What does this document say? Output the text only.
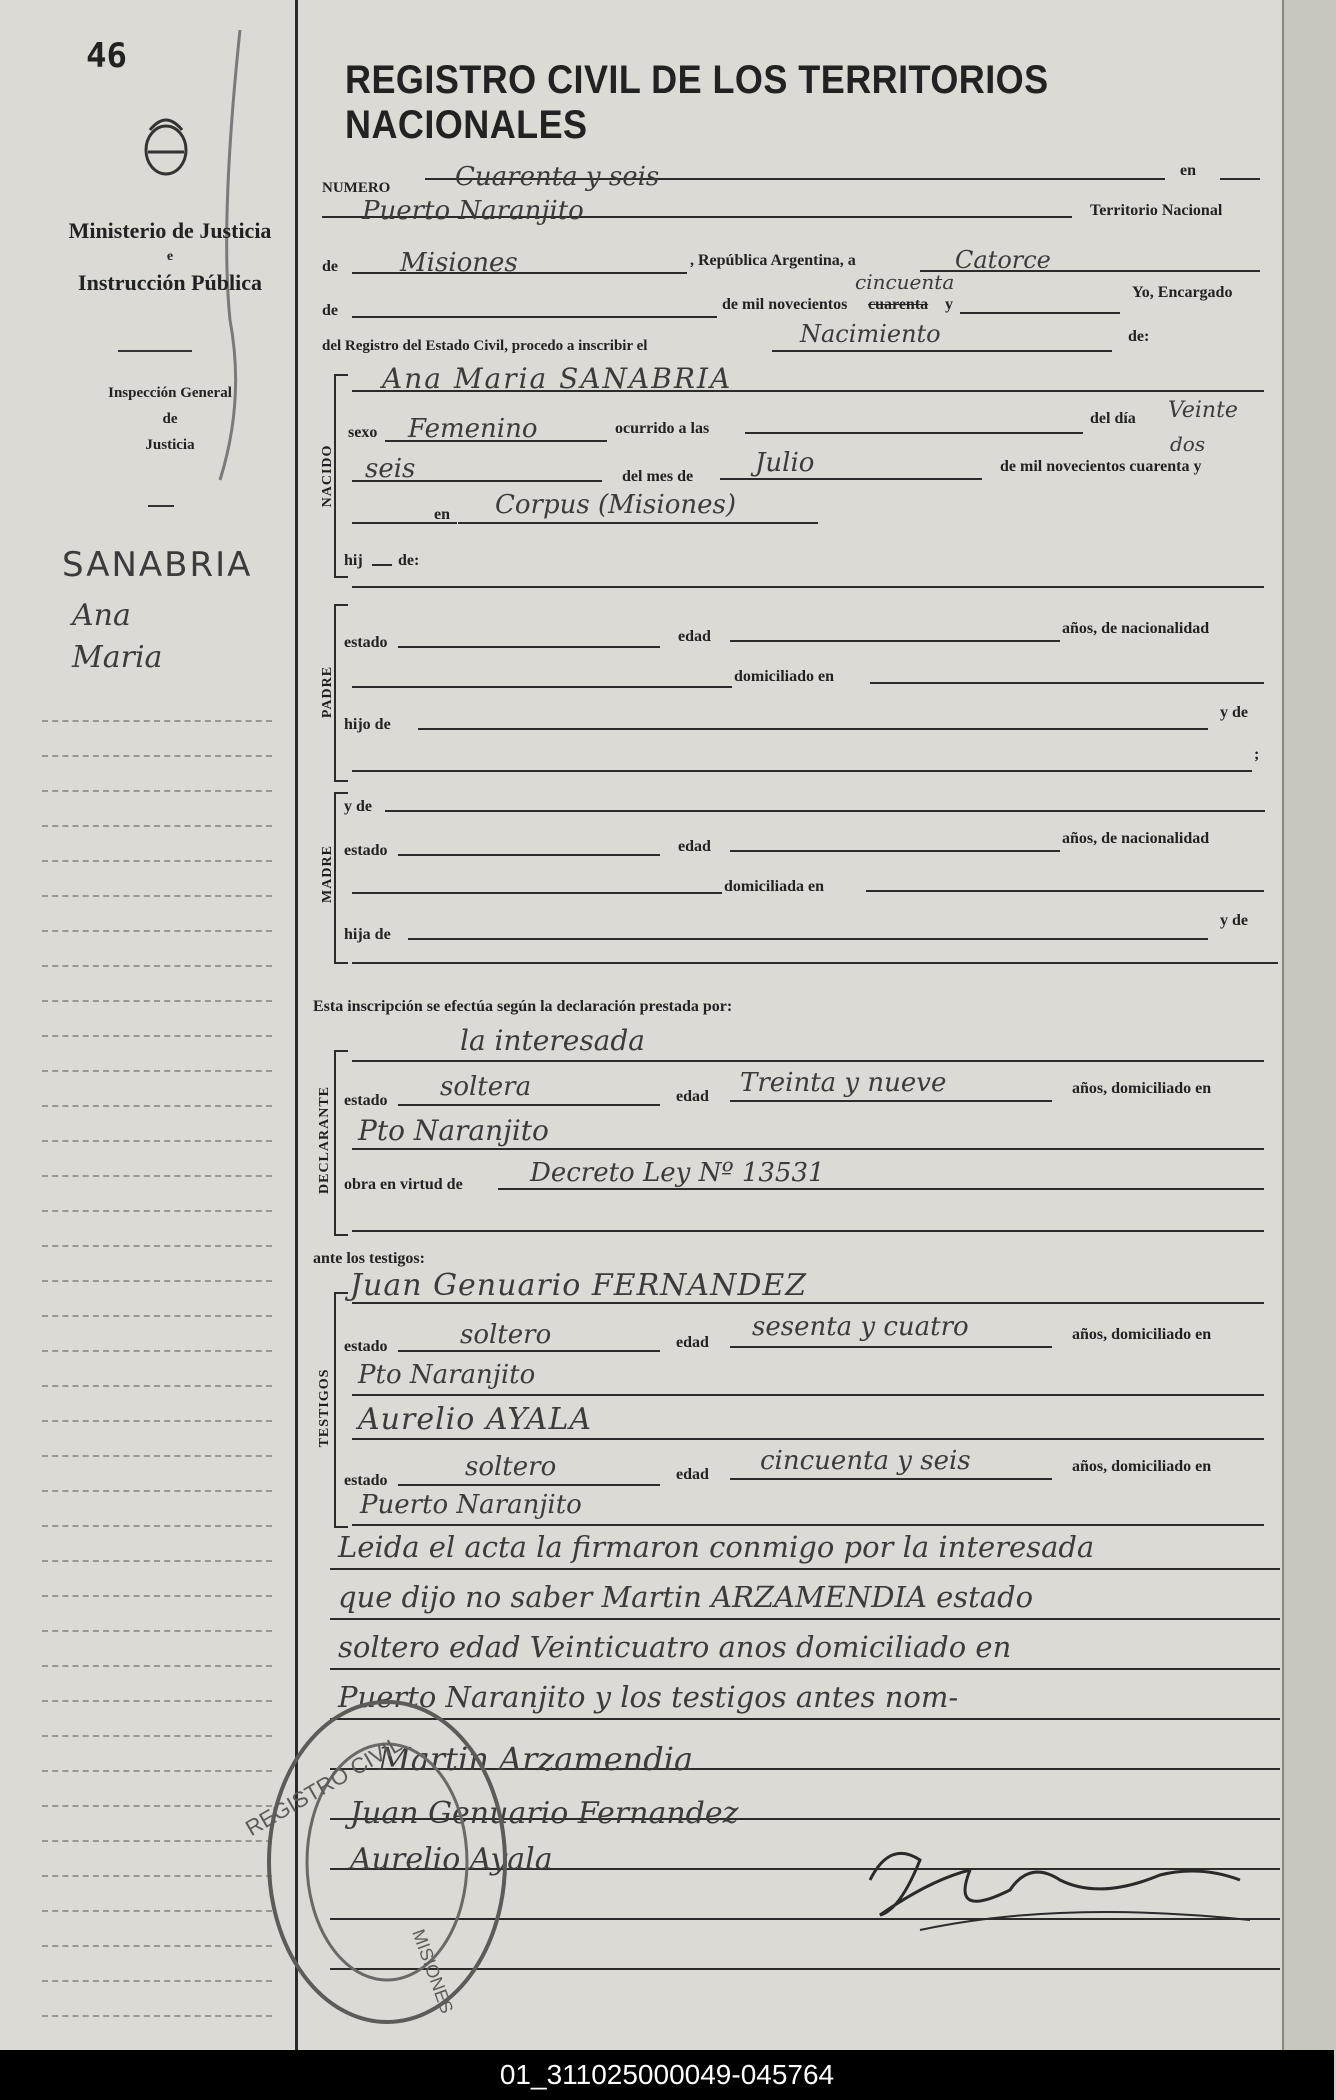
46
Ministerio de Justicia
e
Instrucción Pública
Inspección General
de
Justicia
SANABRIA
Ana
Maria
REGISTRO CIVIL DE LOS TERRITORIOS NACIONALES
NUMERO Cuarenta y seis	en
Puerto Naranjito	Territorio Nacional
de Misiones	, República Argentina, a	Catorce
de	de mil novecientos cuarenta
cincuenta
y
Yo, Encargado
del Registro del Estado Civil, procedo a inscribir el	Nacimiento	de:
NACIDO
Ana Maria SANABRIA
sexo Femenino	ocurrido a las
del día Veinte
seis	del mes de Julio	de mil novecientos cuarenta y
dos
en Corpus (Misiones)
hij de:
PADRE
estado	edad	años, de nacionalidad
domiciliado en
hijo de
y de
;
MADRE
y de
estado	edad	años, de nacionalidad
domiciliada en
hija de
y de
Esta inscripción se efectúa según la declaración prestada por:
DECLARANTE
la interesada
estado soltera	edad Treinta y nueve	años, domiciliado en
Pto Naranjito
obra en virtud de	Decreto Ley Nº 13531
ante los testigos:
TESTIGOS
Juan Genuario FERNANDEZ
estado	soltero	edad
sesenta y cuatro	años, domiciliado en
Pto Naranjito
Aurelio AYALA
estado	soltero	edad cincuenta y seis	años, domiciliado en
Puerto Naranjito
Leida el acta la firmaron conmigo por la interesada
que dijo no saber Martin ARZAMENDIA estado
soltero edad Veinticuatro anos domiciliado en
Puerto Naranjito y los testigos antes nom-
Martin Arzamendia
Juan Genuario Fernandez
Aurelio Ayala
REGISTRO CIVIL
MISIONES
01_311025000049-045764
